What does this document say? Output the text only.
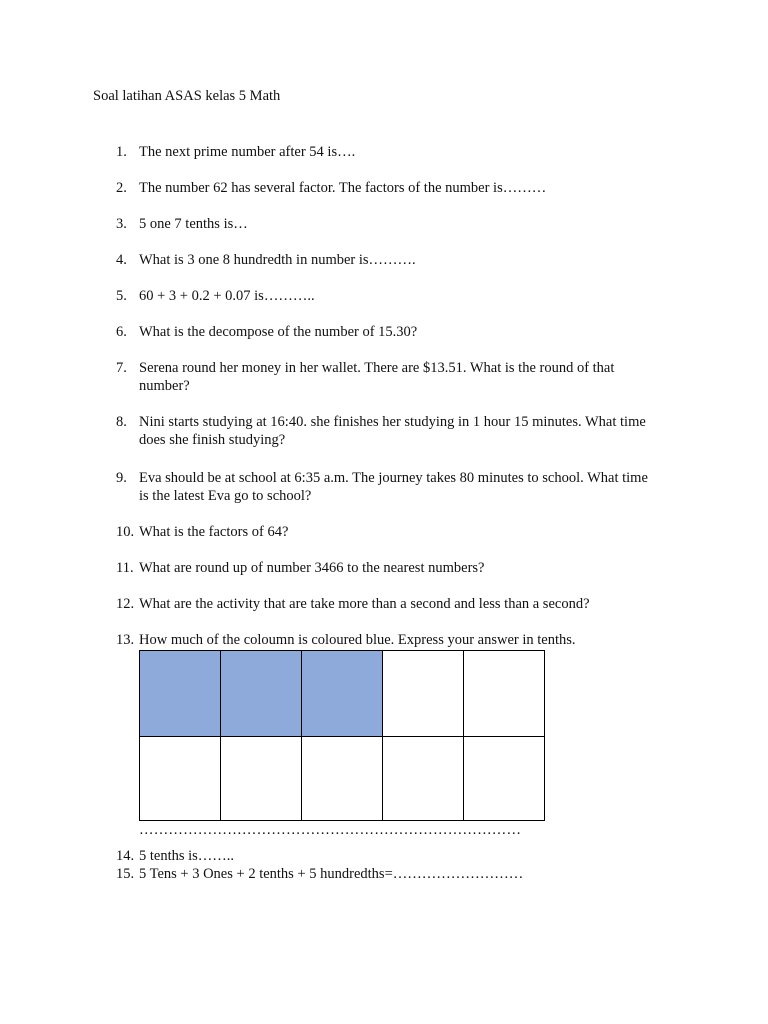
Soal latihan ASAS kelas 5 Math
1. The next prime number after 54 is….
2. The number 62 has several factor. The factors of the number is………
3. 5 one 7 tenths is…
4. What is 3 one 8 hundredth in number is……….
5. 60 + 3 + 0.2 + 0.07 is………..
6. What is the decompose of the number of 15.30?
7. Serena round her money in her wallet. There are $13.51. What is the round of that number?
8. Nini starts studying at 16:40. she finishes her studying in 1 hour 15 minutes. What time does she finish studying?
9. Eva should be at school at 6:35 a.m. The journey takes 80 minutes to school. What time is the latest Eva go to school?
10. What is the factors of 64?
11. What are round up of number 3466 to the nearest numbers?
12. What are the activity that are take more than a second and less than a second?
13. How much of the coloumn is coloured blue. Express your answer in tenths.

……………………………………………………………………
14. 5 tenths is……..
15. 5 Tens + 3 Ones + 2 tenths + 5 hundredths=………………………
